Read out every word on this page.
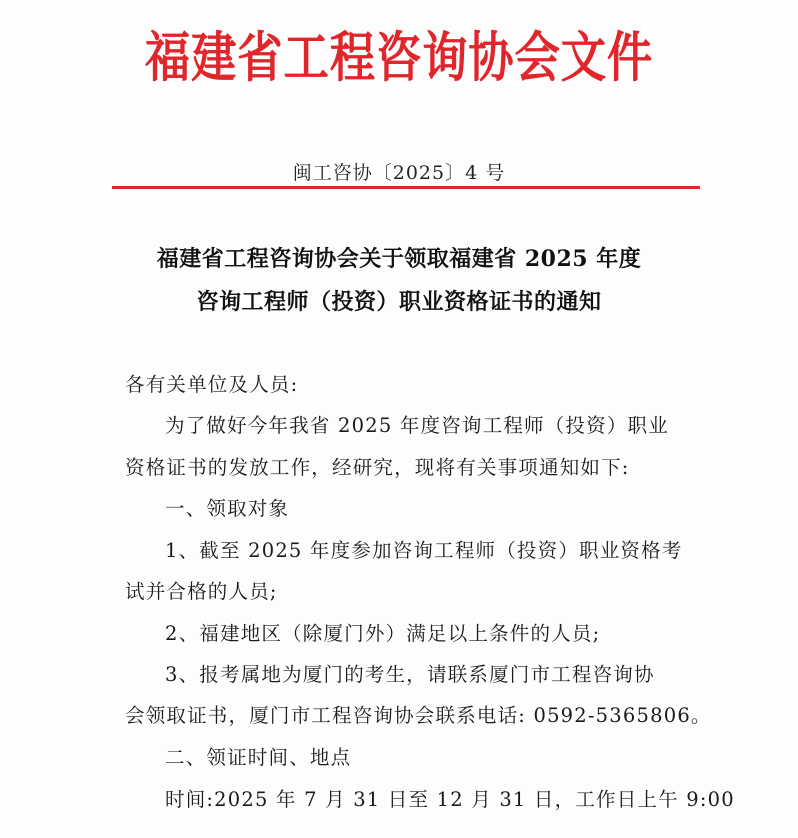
福建省工程咨询协会文件
闽工咨协〔2025〕4 号
福建省工程咨询协会关于领取福建省 2025 年度
咨询工程师（投资）职业资格证书的通知
各有关单位及人员:
为了做好今年我省 2025 年度咨询工程师（投资）职业
资格证书的发放工作，经研究，现将有关事项通知如下:
一、领取对象
1、截至 2025 年度参加咨询工程师（投资）职业资格考
试并合格的人员;
2、福建地区（除厦门外）满足以上条件的人员;
3、报考属地为厦门的考生，请联系厦门市工程咨询协
会领取证书，厦门市工程咨询协会联系电话: 0592-5365806。
二、领证时间、地点
时间:2025 年 7 月 31 日至 12 月 31 日，工作日上午 9:00
